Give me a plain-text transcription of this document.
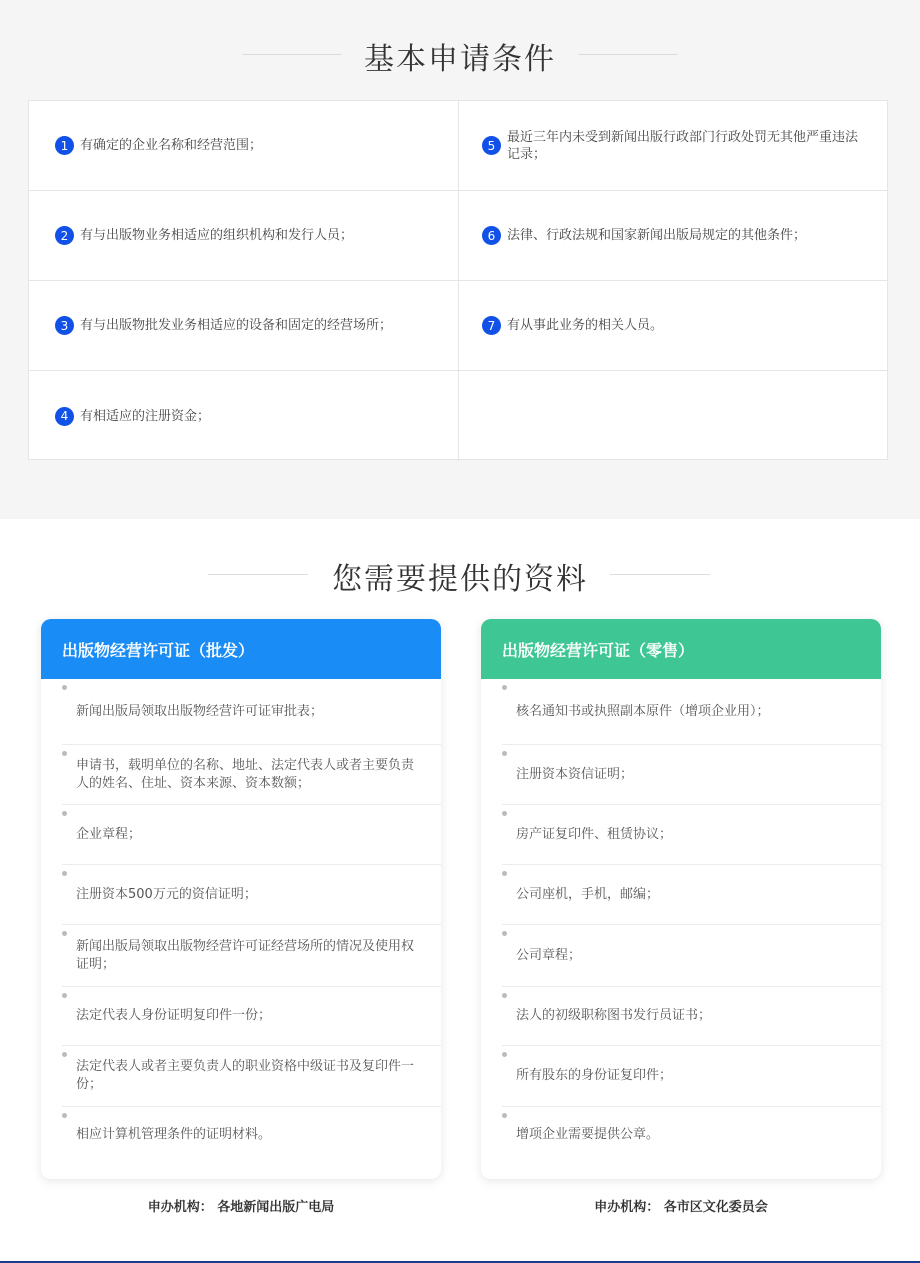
基本申请条件
1 有确定的企业名称和经营范围；
2 有与出版物业务相适应的组织机构和发行人员；
3 有与出版物批发业务相适应的设备和固定的经营场所；
4 有相适应的注册资金；
5
最近三年内未受到新闻出版行政部门行政处罚无其他严重违法记录；
6 法律、行政法规和国家新闻出版局规定的其他条件；
7 有从事此业务的相关人员。
您需要提供的资料
出版物经营许可证（批发）
新闻出版局领取出版物经营许可证审批表；
申请书，载明单位的名称、地址、法定代表人或者主要负责人的姓名、住址、资本来源、资本数额；
企业章程；
注册资本500万元的资信证明；
新闻出版局领取出版物经营许可证经营场所的情况及使用权证明；
法定代表人身份证明复印件一份；
法定代表人或者主要负责人的职业资格中级证书及复印件一份；
相应计算机管理条件的证明材料。
出版物经营许可证（零售）
核名通知书或执照副本原件（增项企业用）；
注册资本资信证明；
房产证复印件、租赁协议；
公司座机，手机，邮编；
公司章程；
法人的初级职称图书发行员证书；
所有股东的身份证复印件；
增项企业需要提供公章。
申办机构： 各地新闻出版广电局	申办机构： 各市区文化委员会
